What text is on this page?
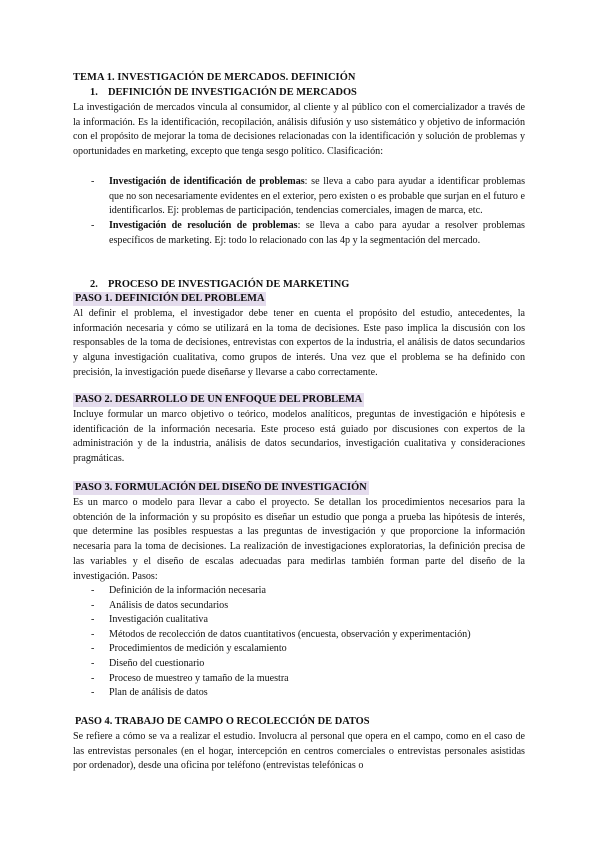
TEMA 1. INVESTIGACIÓN DE MERCADOS. DEFINICIÓN
1. DEFINICIÓN DE INVESTIGACIÓN DE MERCADOS

La investigación de mercados vincula al consumidor, al cliente y al público con el comercializador a través de la información. Es la identificación, recopilación, análisis difusión y uso sistemático y objetivo de información con el propósito de mejorar la toma de decisiones relacionadas con la identificación y solución de problemas y oportunidades en marketing, excepto que tenga sesgo político. Clasificación:

- Investigación de identificación de problemas: se lleva a cabo para ayudar a identificar problemas que no son necesariamente evidentes en el exterior, pero existen o es probable que surjan en el futuro e identificarlos. Ej: problemas de participación, tendencias comerciales, imagen de marca, etc.
- Investigación de resolución de problemas: se lleva a cabo para ayudar a resolver problemas específicos de marketing. Ej: todo lo relacionado con las 4p y la segmentación del mercado.
2. PROCESO DE INVESTIGACIÓN DE MARKETING
PASO 1. DEFINICIÓN DEL PROBLEMA

Al definir el problema, el investigador debe tener en cuenta el propósito del estudio, antecedentes, la información necesaria y cómo se utilizará en la toma de decisiones. Este paso implica la discusión con los responsables de la toma de decisiones, entrevistas con expertos de la industria, el análisis de datos secundarios y alguna investigación cualitativa, como grupos de interés. Una vez que el problema se ha definido con precisión, la investigación puede diseñarse y llevarse a cabo correctamente.

PASO 2. DESARROLLO DE UN ENFOQUE DEL PROBLEMA

Incluye formular un marco objetivo o teórico, modelos analíticos, preguntas de investigación e hipótesis e identificación de la información necesaria. Este proceso está guiado por discusiones con expertos de la administración y de la industria, análisis de datos secundarios, investigación cualitativa y consideraciones pragmáticas.

PASO 3. FORMULACIÓN DEL DISEÑO DE INVESTIGACIÓN

Es un marco o modelo para llevar a cabo el proyecto. Se detallan los procedimientos necesarios para la obtención de la información y su propósito es diseñar un estudio que ponga a prueba las hipótesis de interés, que determine las posibles respuestas a las preguntas de investigación y que proporcione la información necesaria para la toma de decisiones. La realización de investigaciones exploratorias, la definición precisa de las variables y el diseño de escalas adecuadas para medirlas también forman parte del diseño de la investigación. Pasos:

- Definición de la información necesaria
- Análisis de datos secundarios
- Investigación cualitativa
- Métodos de recolección de datos cuantitativos (encuesta, observación y experimentación)
- Procedimientos de medición y escalamiento
- Diseño del cuestionario
- Proceso de muestreo y tamaño de la muestra
- Plan de análisis de datos
PASO 4. TRABAJO DE CAMPO O RECOLECCIÓN DE DATOS

Se refiere a cómo se va a realizar el estudio. Involucra al personal que opera en el campo, como en el caso de las entrevistas personales (en el hogar, intercepción en centros comerciales o entrevistas personales asistidas por ordenador), desde una oficina por teléfono (entrevistas telefónicas o
